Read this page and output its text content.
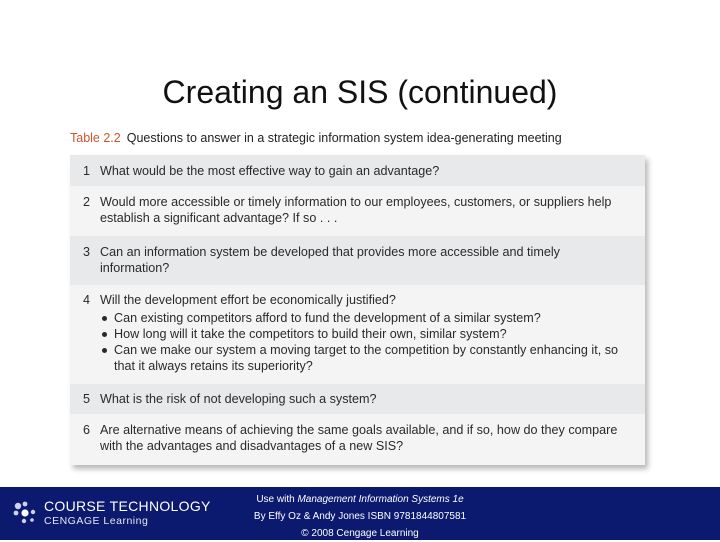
Creating an SIS (continued)
Table 2.2 Questions to answer in a strategic information system idea-generating meeting
1 What would be the most effective way to gain an advantage?
2 Would more accessible or timely information to our employees, customers, or suppliers help establish a significant advantage? If so . . .
3 Can an information system be developed that provides more accessible and timely information?
4 Will the development effort be economically justified?
Can existing competitors afford to fund the development of a similar system?
How long will it take the competitors to build their own, similar system?
Can we make our system a moving target to the competition by constantly enhancing it, so that it always retains its superiority?
5 What is the risk of not developing such a system?
6 Are alternative means of achieving the same goals available, and if so, how do they compare with the advantages and disadvantages of a new SIS?
COURSE TECHNOLOGY
CENGAGE Learning
Use with Management Information Systems 1e
By Effy Oz & Andy Jones ISBN 9781844807581
© 2008 Cengage Learning
